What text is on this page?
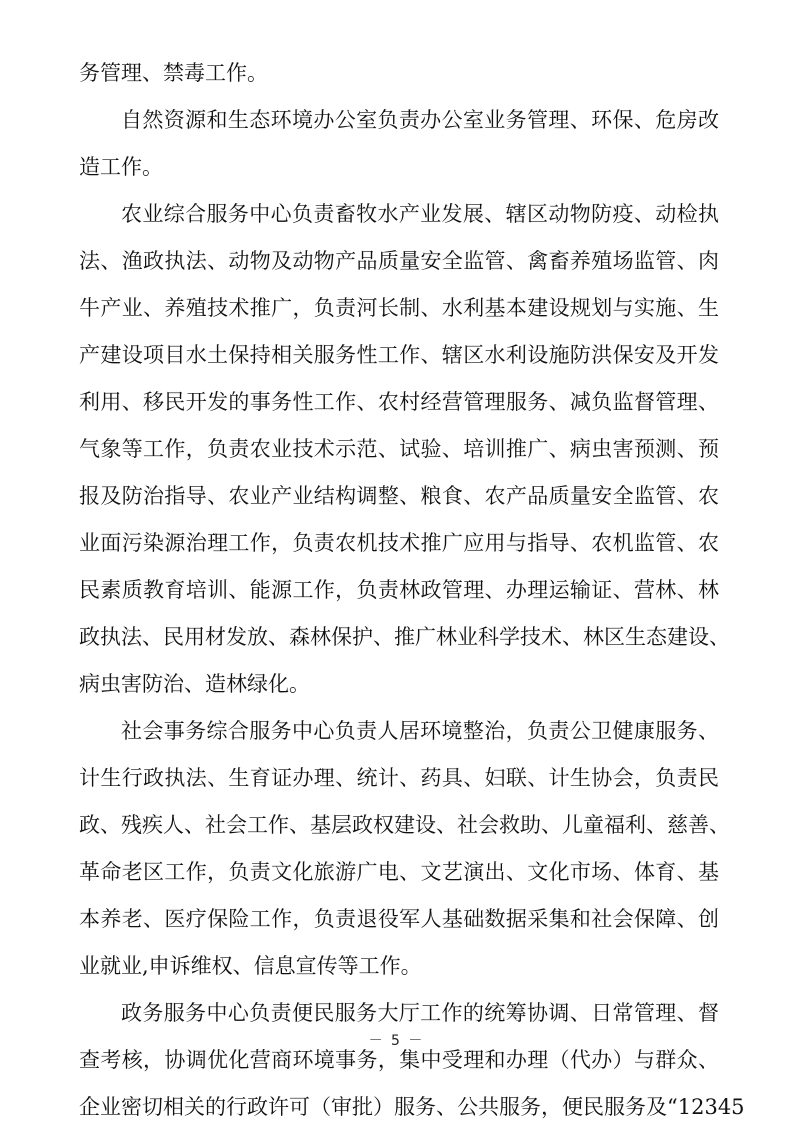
务管理、禁毒工作。
自然资源和生态环境办公室负责办公室业务管理、环保、危房改
造工作。
农业综合服务中心负责畜牧水产业发展、辖区动物防疫、动检执
法、渔政执法、动物及动物产品质量安全监管、禽畜养殖场监管、肉
牛产业、养殖技术推广，负责河长制、水利基本建设规划与实施、生
产建设项目水土保持相关服务性工作、辖区水利设施防洪保安及开发
利用、移民开发的事务性工作、农村经营管理服务、减负监督管理、
气象等工作，负责农业技术示范、试验、培训推广、病虫害预测、预
报及防治指导、农业产业结构调整、粮食、农产品质量安全监管、农
业面污染源治理工作，负责农机技术推广应用与指导、农机监管、农
民素质教育培训、能源工作，负责林政管理、办理运输证、营林、林
政执法、民用材发放、森林保护、推广林业科学技术、林区生态建设、
病虫害防治、造林绿化。
社会事务综合服务中心负责人居环境整治，负责公卫健康服务、
计生行政执法、生育证办理、统计、药具、妇联、计生协会，负责民
政、残疾人、社会工作、基层政权建设、社会救助、儿童福利、慈善、
革命老区工作，负责文化旅游广电、文艺演出、文化市场、体育、基
本养老、医疗保险工作，负责退役军人基础数据采集和社会保障、创
业就业,申诉维权、信息宣传等工作。
政务服务中心负责便民服务大厅工作的统筹协调、日常管理、督
查考核，协调优化营商环境事务，集中受理和办理（代办）与群众、
企业密切相关的行政许可（审批）服务、公共服务，便民服务及“12345
－ 5 －
